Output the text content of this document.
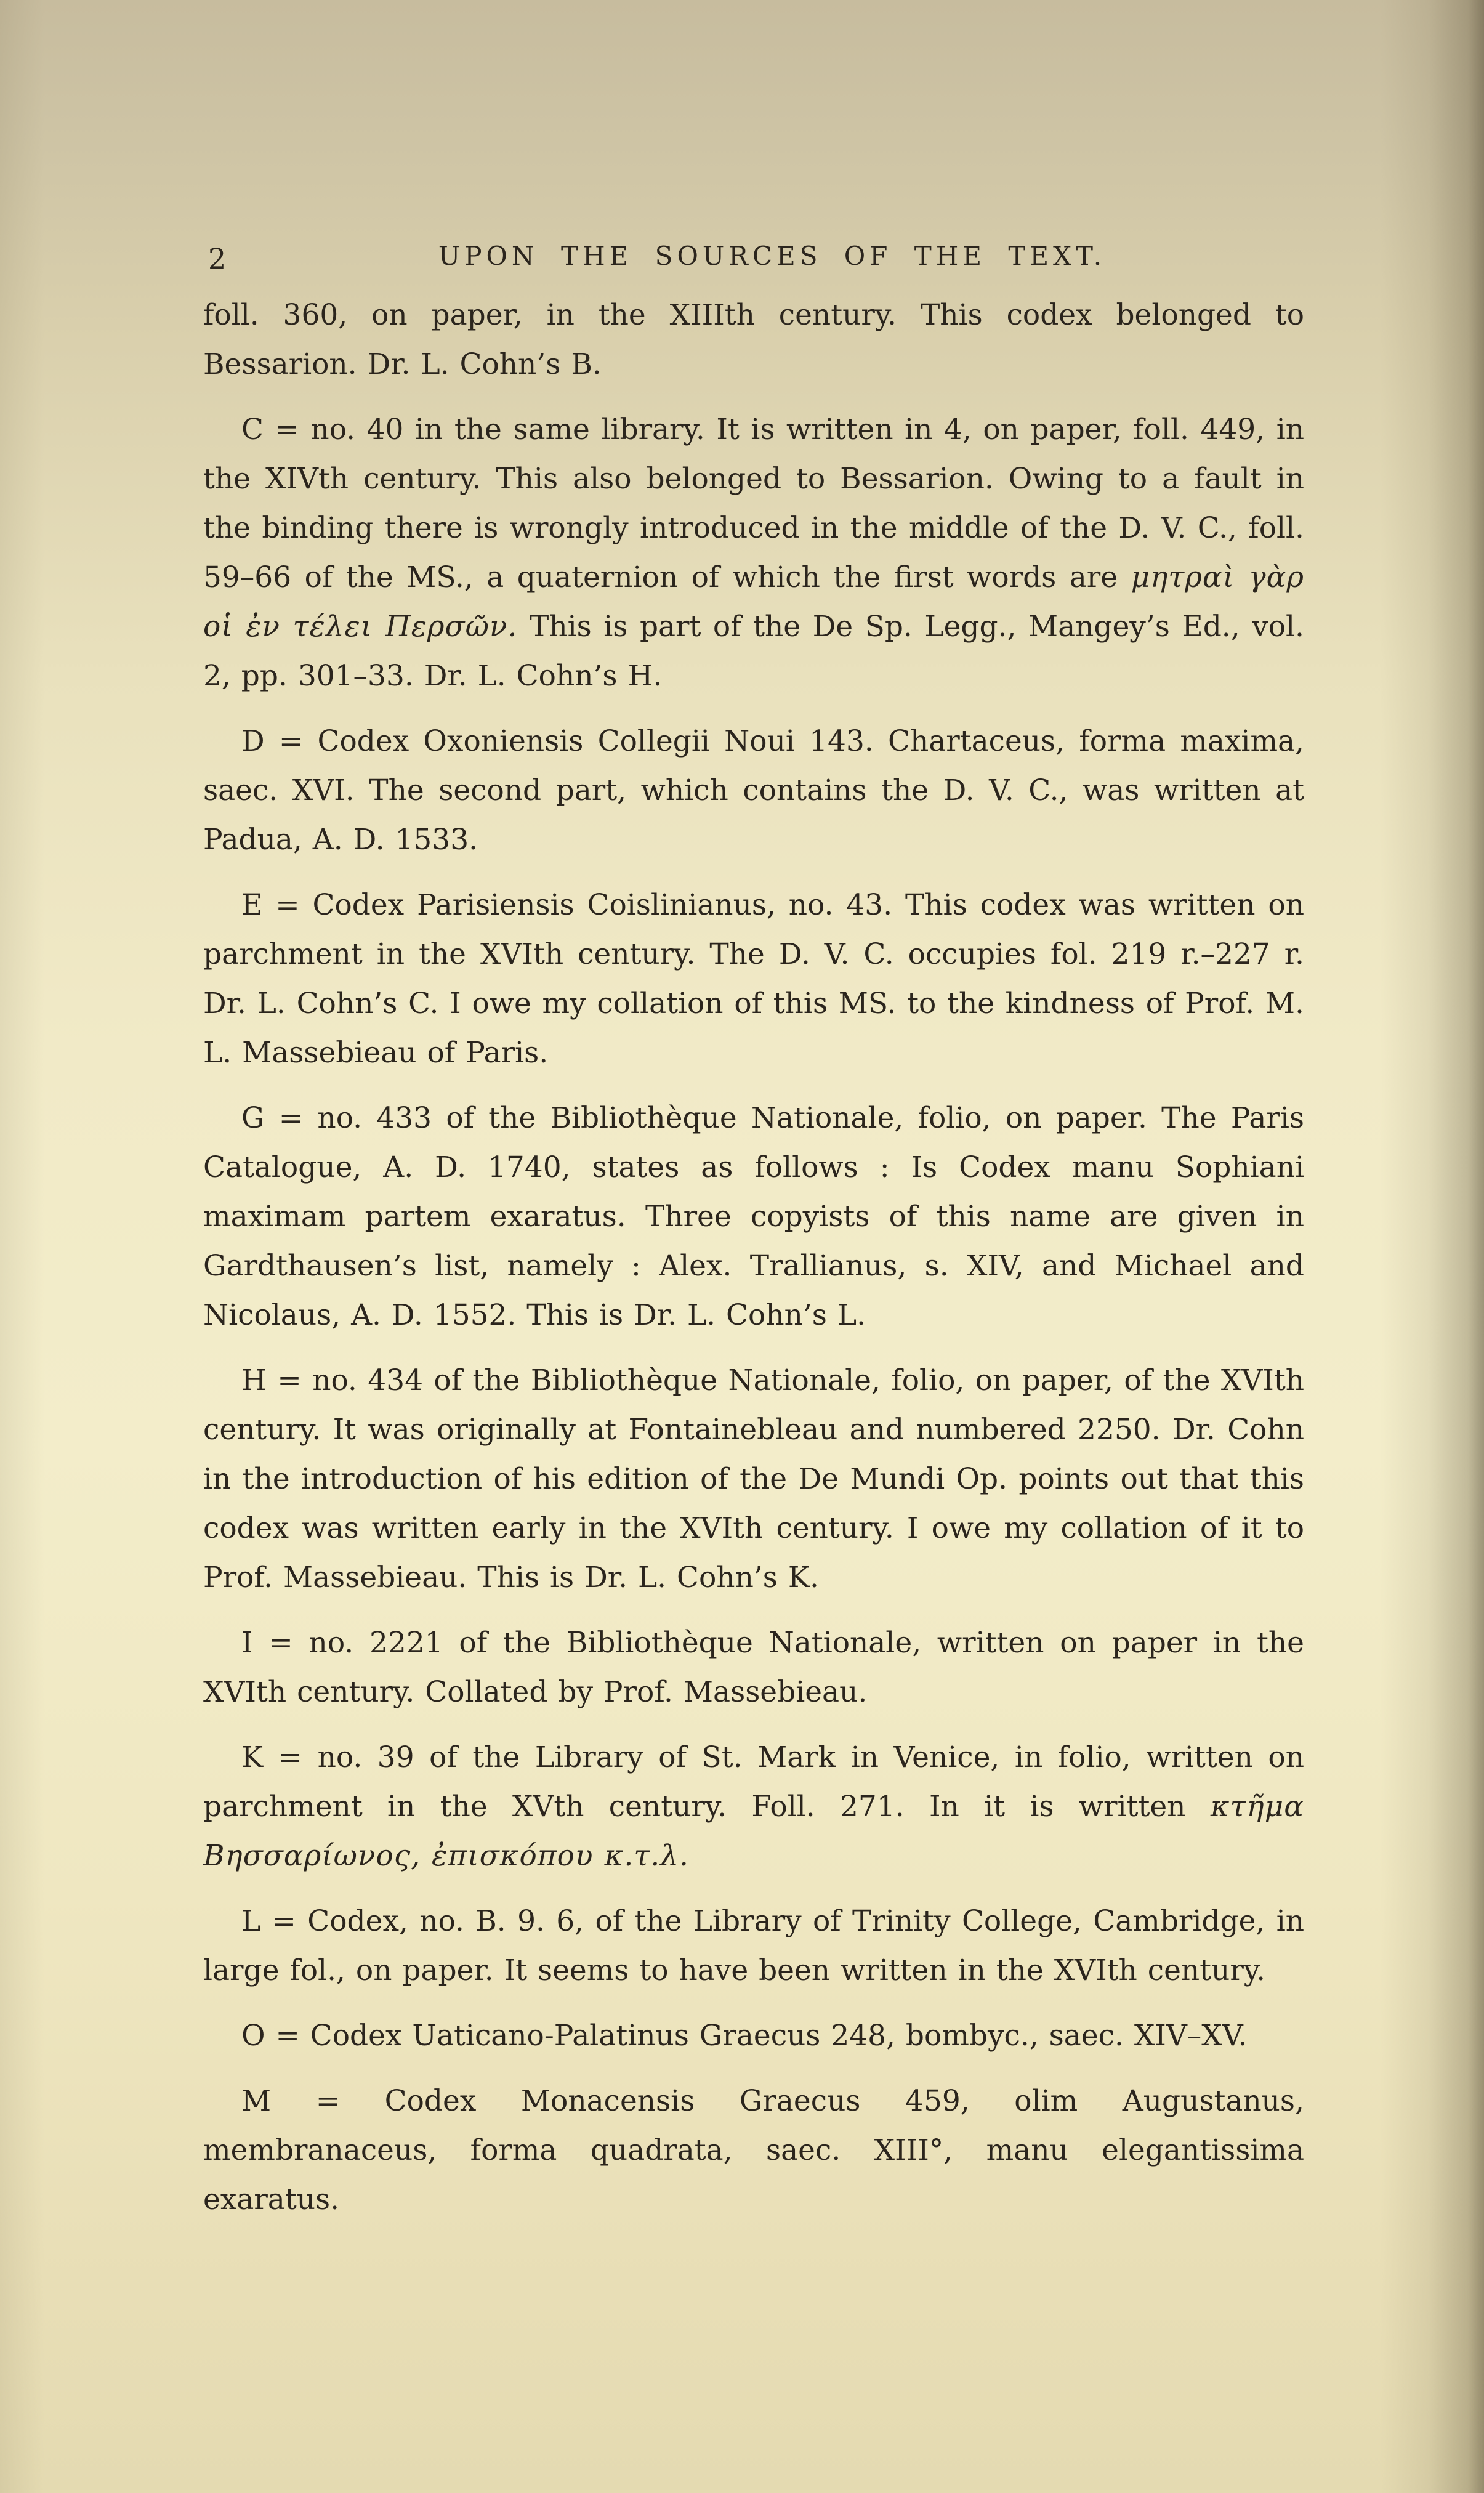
2	UPON THE SOURCES OF THE TEXT.

foll. 360, on paper, in the XIIIth century. This codex belonged to Bessarion. Dr. L. Cohn’s B.

C = no. 40 in the same library. It is written in 4, on paper, foll. 449, in the XIVth century. This also belonged to Bessarion. Owing to a fault in the binding there is wrongly introduced in the middle of the D. V. C., foll. 59–66 of the MS., a quaternion of which the first words are μητραὶ γὰρ οἱ ἐν τέλει Περσῶν. This is part of the De Sp. Legg., Mangey’s Ed., vol. 2, pp. 301–33. Dr. L. Cohn’s H.

D = Codex Oxoniensis Collegii Noui 143. Chartaceus, forma maxima, saec. XVI. The second part, which contains the D. V. C., was written at Padua, A. D. 1533.

E = Codex Parisiensis Coislinianus, no. 43. This codex was written on parchment in the XVIth century. The D. V. C. occupies fol. 219 r.–227 r. Dr. L. Cohn’s C. I owe my collation of this MS. to the kindness of Prof. M. L. Massebieau of Paris.

G = no. 433 of the Bibliothèque Nationale, folio, on paper. The Paris Catalogue, A. D. 1740, states as follows : Is Codex manu Sophiani maximam partem exaratus. Three copyists of this name are given in Gardthausen’s list, namely : Alex. Trallianus, s. XIV, and Michael and Nicolaus, A. D. 1552. This is Dr. L. Cohn’s L.

H = no. 434 of the Bibliothèque Nationale, folio, on paper, of the XVIth century. It was originally at Fontainebleau and numbered 2250. Dr. Cohn in the introduction of his edition of the De Mundi Op. points out that this codex was written early in the XVIth century. I owe my collation of it to Prof. Massebieau. This is Dr. L. Cohn’s K.

I = no. 2221 of the Bibliothèque Nationale, written on paper in the XVIth century. Collated by Prof. Massebieau.

K = no. 39 of the Library of St. Mark in Venice, in folio, written on parchment in the XVth century. Foll. 271. In it is written κτῆμα Βησσαρίωνος, ἐπισκόπου κ.τ.λ.

L = Codex, no. B. 9. 6, of the Library of Trinity College, Cambridge, in large fol., on paper. It seems to have been written in the XVIth century.

O = Codex Uaticano-Palatinus Graecus 248, bombyc., saec. XIV–XV.

M = Codex Monacensis Graecus 459, olim Augustanus, membranaceus, forma quadrata, saec. XIII°, manu elegantissima exaratus.
